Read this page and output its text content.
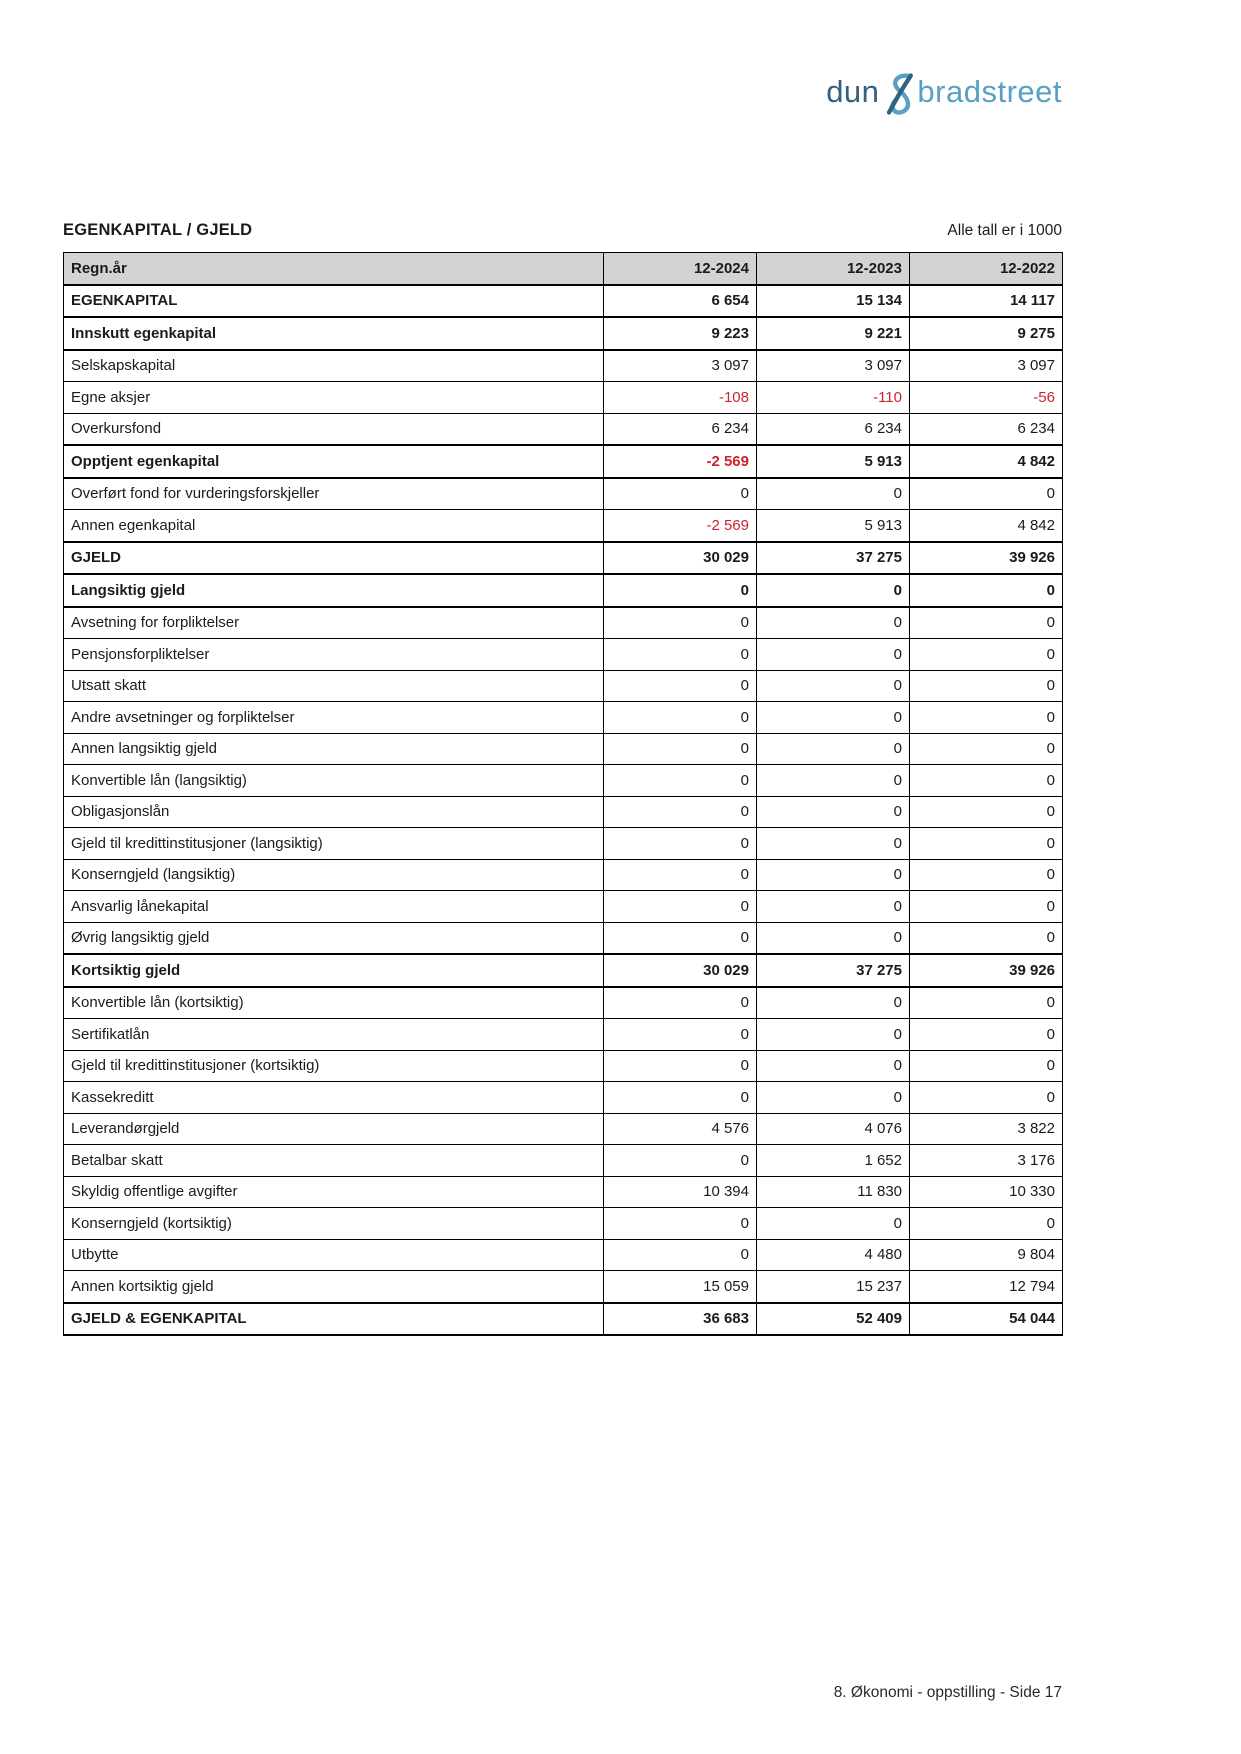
dun bradstreet
EGENKAPITAL / GJELD	Alle tall er i 1000
Regn.år	12-2024	12-2023	12-2022
EGENKAPITAL	6 654	15 134	14 117
Innskutt egenkapital	9 223	9 221	9 275
Selskapskapital	3 097	3 097	3 097
Egne aksjer	-108	-110	-56
Overkursfond	6 234	6 234	6 234
Opptjent egenkapital	-2 569	5 913	4 842
Overført fond for vurderingsforskjeller	0	0	0
Annen egenkapital	-2 569	5 913	4 842
GJELD	30 029	37 275	39 926
Langsiktig gjeld	0	0	0
Avsetning for forpliktelser	0	0	0
Pensjonsforpliktelser	0	0	0
Utsatt skatt	0	0	0
Andre avsetninger og forpliktelser	0	0	0
Annen langsiktig gjeld	0	0	0
Konvertible lån (langsiktig)	0	0	0
Obligasjonslån	0	0	0
Gjeld til kredittinstitusjoner (langsiktig)	0	0	0
Konserngjeld (langsiktig)	0	0	0
Ansvarlig lånekapital	0	0	0
Øvrig langsiktig gjeld	0	0	0
Kortsiktig gjeld	30 029	37 275	39 926
Konvertible lån (kortsiktig)	0	0	0
Sertifikatlån	0	0	0
Gjeld til kredittinstitusjoner (kortsiktig)	0	0	0
Kassekreditt	0	0	0
Leverandørgjeld	4 576	4 076	3 822
Betalbar skatt	0	1 652	3 176
Skyldig offentlige avgifter	10 394	11 830	10 330
Konserngjeld (kortsiktig)	0	0	0
Utbytte	0	4 480	9 804
Annen kortsiktig gjeld	15 059	15 237	12 794
GJELD & EGENKAPITAL	36 683	52 409	54 044
8. Økonomi - oppstilling - Side 17
